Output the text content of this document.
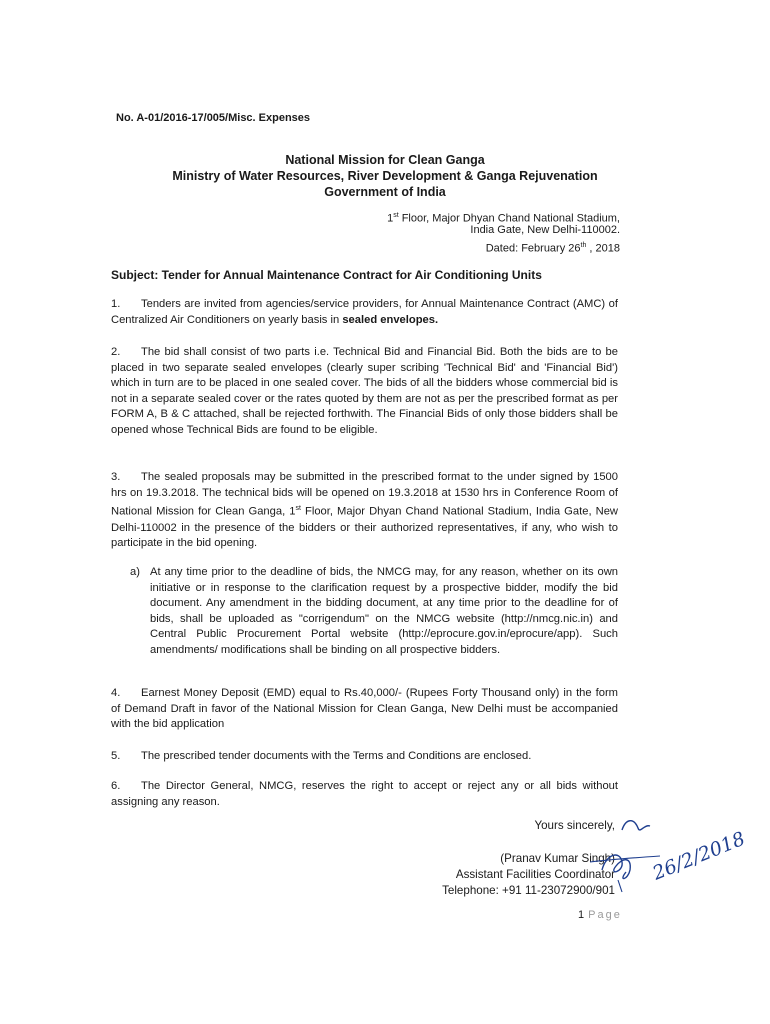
No. A-01/2016-17/005/Misc. Expenses
National Mission for Clean Ganga
Ministry of Water Resources, River Development & Ganga Rejuvenation
Government of India
1st Floor, Major Dhyan Chand National Stadium,
India Gate, New Delhi-110002.
Dated: February 26th , 2018
Subject: Tender for Annual Maintenance Contract for Air Conditioning Units
1. Tenders are invited from agencies/service providers, for Annual Maintenance Contract (AMC) of Centralized Air Conditioners on yearly basis in sealed envelopes.
2. The bid shall consist of two parts i.e. Technical Bid and Financial Bid. Both the bids are to be placed in two separate sealed envelopes (clearly super scribing 'Technical Bid' and 'Financial Bid') which in turn are to be placed in one sealed cover. The bids of all the bidders whose commercial bid is not in a separate sealed cover or the rates quoted by them are not as per the prescribed format as per FORM A, B & C attached, shall be rejected forthwith. The Financial Bids of only those bidders shall be opened whose Technical Bids are found to be eligible.
3. The sealed proposals may be submitted in the prescribed format to the under signed by 1500 hrs on 19.3.2018. The technical bids will be opened on 19.3.2018 at 1530 hrs in Conference Room of National Mission for Clean Ganga, 1st Floor, Major Dhyan Chand National Stadium, India Gate, New Delhi-110002 in the presence of the bidders or their authorized representatives, if any, who wish to participate in the bid opening.
a) At any time prior to the deadline of bids, the NMCG may, for any reason, whether on its own initiative or in response to the clarification request by a prospective bidder, modify the bid document. Any amendment in the bidding document, at any time prior to the deadline for of bids, shall be uploaded as "corrigendum" on the NMCG website (http://nmcg.nic.in) and Central Public Procurement Portal website (http://eprocure.gov.in/eprocure/app). Such amendments/ modifications shall be binding on all prospective bidders.
4. Earnest Money Deposit (EMD) equal to Rs.40,000/- (Rupees Forty Thousand only) in the form of Demand Draft in favor of the National Mission for Clean Ganga, New Delhi must be accompanied with the bid application
5. The prescribed tender documents with the Terms and Conditions are enclosed.
6. The Director General, NMCG, reserves the right to accept or reject any or all bids without assigning any reason.
Yours sincerely,
(Pranav Kumar Singh)
Assistant Facilities Coordinator
Telephone: +91 11-23072900/901
26/2/2018
1 Page
